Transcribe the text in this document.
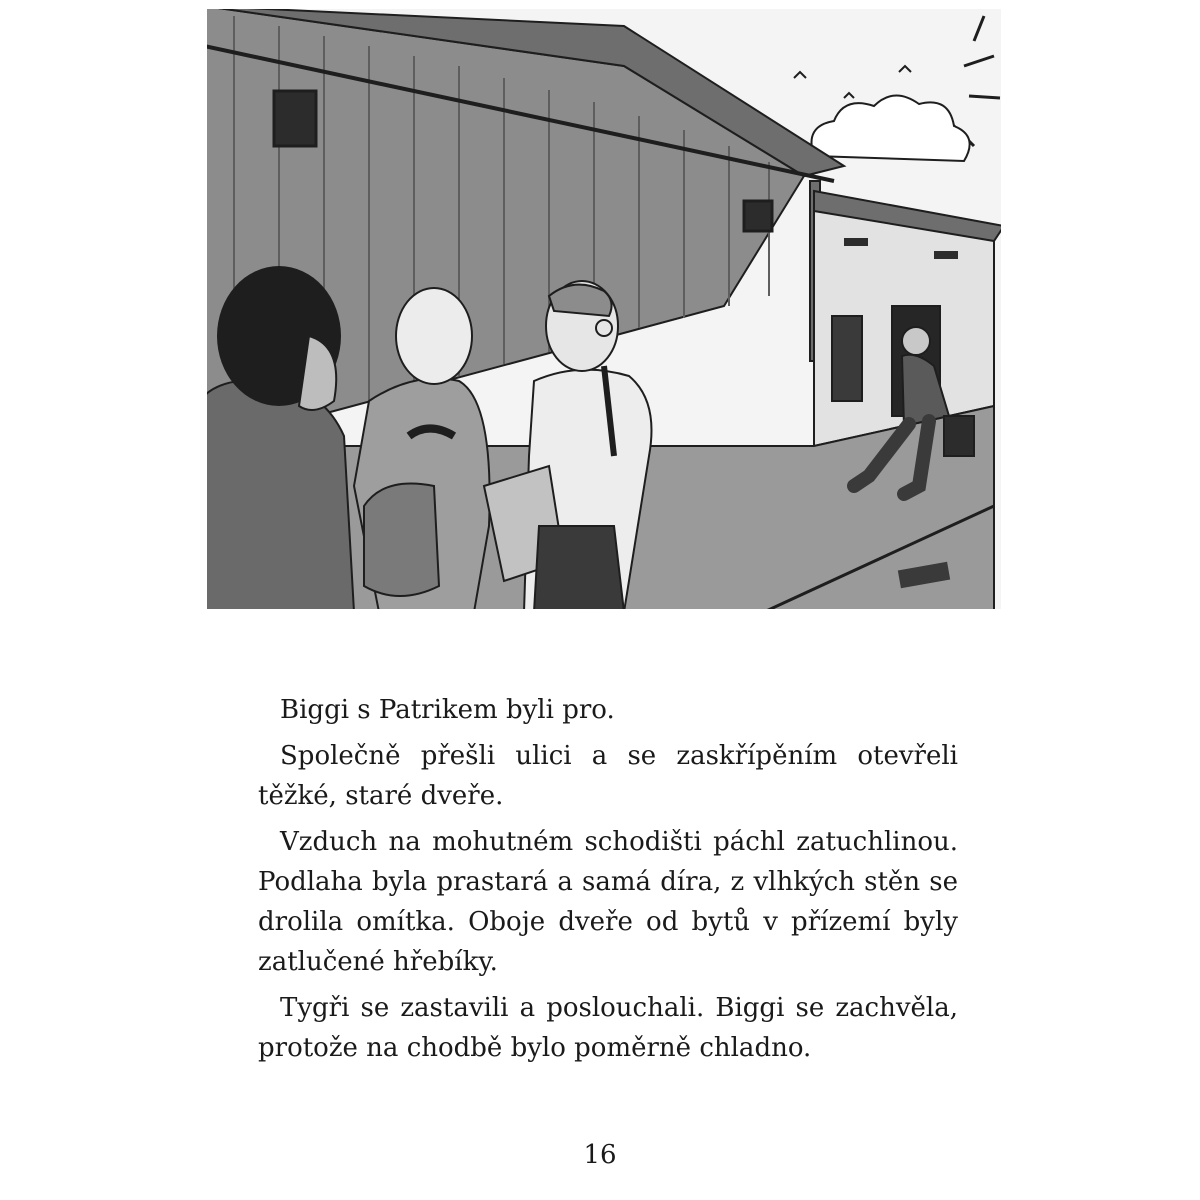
Biggi s Patrikem byli pro.

Společně přešli ulici a se zaskřípěním otevřeli těžké, staré dveře.

Vzduch na mohutném schodišti páchl zatuchlinou. Podlaha byla prastará a samá díra, z vlhkých stěn se drolila omítka. Oboje dveře od bytů v přízemí byly zatlučené hřebíky.

Tygři se zastavili a poslouchali. Biggi se zachvěla, protože na chodbě bylo poměrně chladno.

16
